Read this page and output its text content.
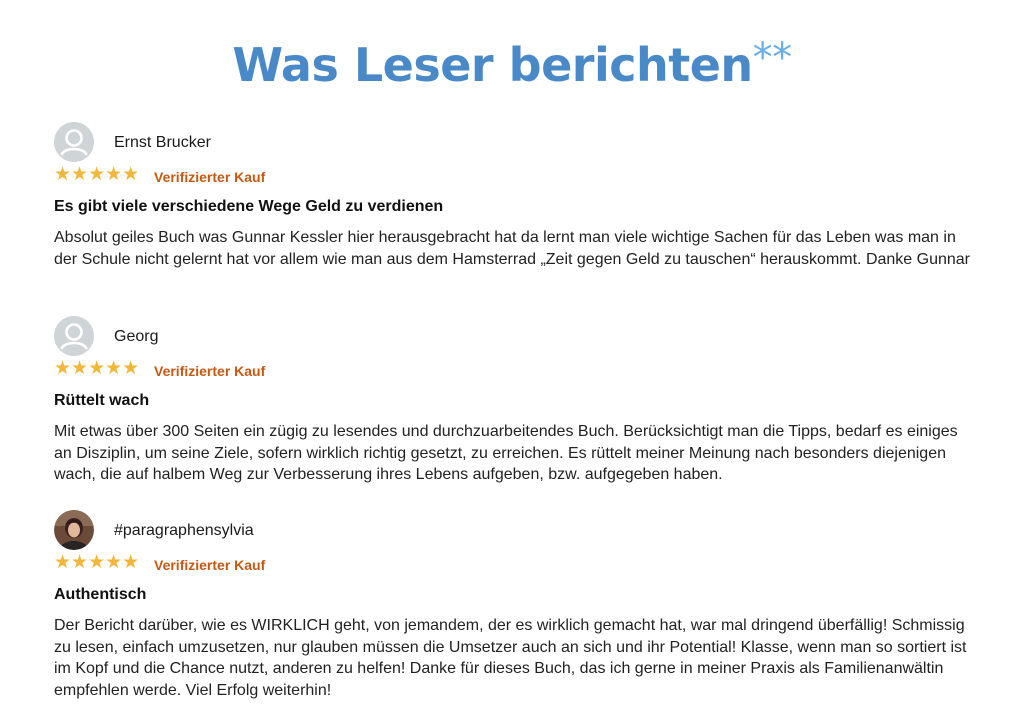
Was Leser berichten**
Ernst Brucker
★★★★★ Verifizierter Kauf
Es gibt viele verschiedene Wege Geld zu verdienen
Absolut geiles Buch was Gunnar Kessler hier herausgebracht hat da lernt man viele wichtige Sachen für das Leben was man in der Schule nicht gelernt hat vor allem wie man aus dem Hamsterrad „Zeit gegen Geld zu tauschen“ herauskommt. Danke Gunnar
Georg
★★★★★ Verifizierter Kauf
Rüttelt wach
Mit etwas über 300 Seiten ein zügig zu lesendes und durchzuarbeitendes Buch. Berücksichtigt man die Tipps, bedarf es einiges an Disziplin, um seine Ziele, sofern wirklich richtig gesetzt, zu erreichen. Es rüttelt meiner Meinung nach besonders diejenigen wach, die auf halbem Weg zur Verbesserung ihres Lebens aufgeben, bzw. aufgegeben haben.
#paragraphensylvia
★★★★★ Verifizierter Kauf
Authentisch
Der Bericht darüber, wie es WIRKLICH geht, von jemandem, der es wirklich gemacht hat, war mal dringend überfällig! Schmissig zu lesen, einfach umzusetzen, nur glauben müssen die Umsetzer auch an sich und ihr Potential! Klasse, wenn man so sortiert ist im Kopf und die Chance nutzt, anderen zu helfen! Danke für dieses Buch, das ich gerne in meiner Praxis als Familienanwältin empfehlen werde. Viel Erfolg weiterhin!
